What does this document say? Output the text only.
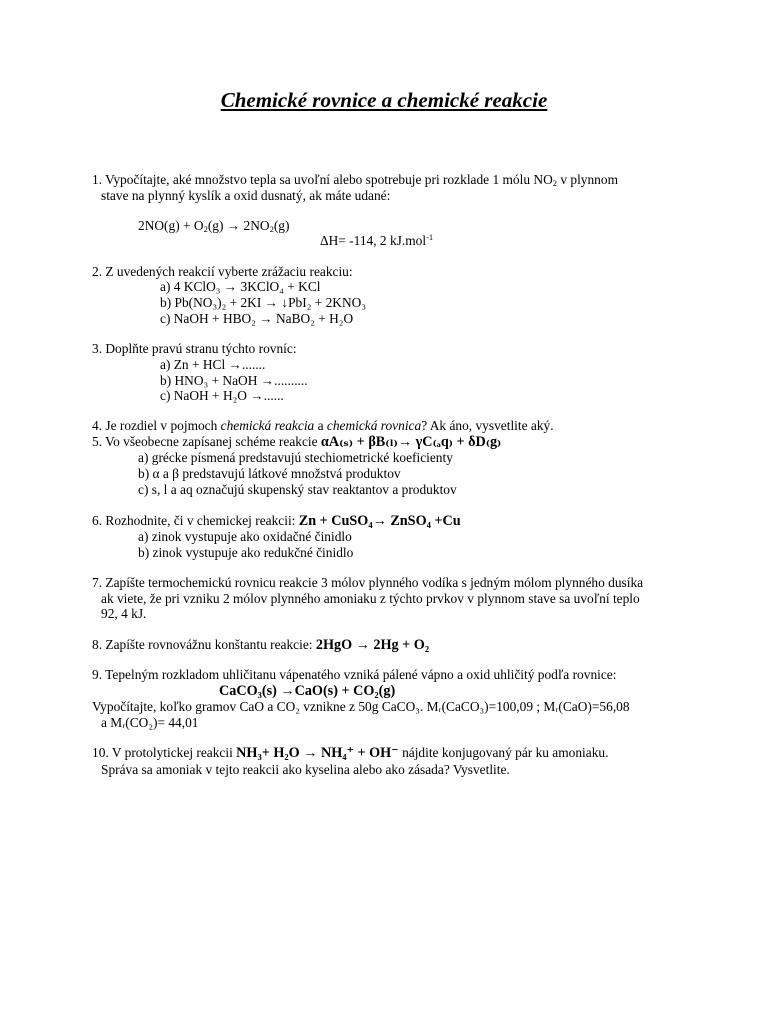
Chemické rovnice a chemické reakcie
1. Vypočítajte, aké množstvo tepla sa uvoľní alebo spotrebuje pri rozklade 1 mólu $NO_2$ v plynnom
stave na plynný kyslík a oxid dusnatý, ak máte udané:
$2NO(g) + O_2(g) \to 2NO_2(g)$
ΔH= -114, 2 kJ.mol$^{-1}$
2. Z uvedených reakcií vyberte zrážaciu reakciu:
a) 4 KClO₃ → 3KClO₄ + KCl
b) Pb(NO₃)₂ + 2KI → ↓PbI₂ + 2KNO₃
c) NaOH + HBO₂ → NaBO₂ + H₂O
3. Doplňte pravú stranu týchto rovníc:
a) Zn + HCl →.......
b) HNO₃ + NaOH →..........
c) NaOH + H₂O →......
4. Je rozdiel v pojmoch chemická reakcia a chemická rovnica? Ak áno, vysvetlite aký.
5. Vo všeobecne zapísanej schéme reakcie αA₍ₛ₎ + βB₍ₗ₎→ γC₍ₐq₎ + δD₍g₎
a) grécke písmená predstavujú stechiometrické koeficienty
b) α a β predstavujú látkové množstvá produktov
c) s, l a aq označujú skupenský stav reaktantov a produktov
6. Rozhodnite, či v chemickej reakcii: Zn + CuSO₄→ ZnSO₄ +Cu
a) zinok vystupuje ako oxidačné činidlo
b) zinok vystupuje ako redukčné činidlo
7. Zapíšte termochemickú rovnicu reakcie 3 mólov plynného vodíka s jedným mólom plynného dusíka
ak viete, že pri vzniku 2 mólov plynného amoniaku z týchto prvkov v plynnom stave sa uvoľní teplo
92, 4 kJ.
8. Zapíšte rovnovážnu konštantu reakcie: 2HgO → 2Hg + O₂
9. Tepelným rozkladom uhličitanu vápenatého vzniká pálené vápno a oxid uhličitý podľa rovnice:
CaCO₃(s) →CaO(s) + CO₂(g)
Vypočítajte, koľko gramov CaO a CO₂ vznikne z 50g CaCO₃. Mᵣ(CaCO₃)=100,09 ; Mᵣ(CaO)=56,08
a Mᵣ(CO₂)= 44,01
10. V protolytickej reakcii NH₃+ H₂O → NH₄⁺ + OH⁻ nájdite konjugovaný pár ku amoniaku.
Správa sa amoniak v tejto reakcii ako kyselina alebo ako zásada? Vysvetlite.
